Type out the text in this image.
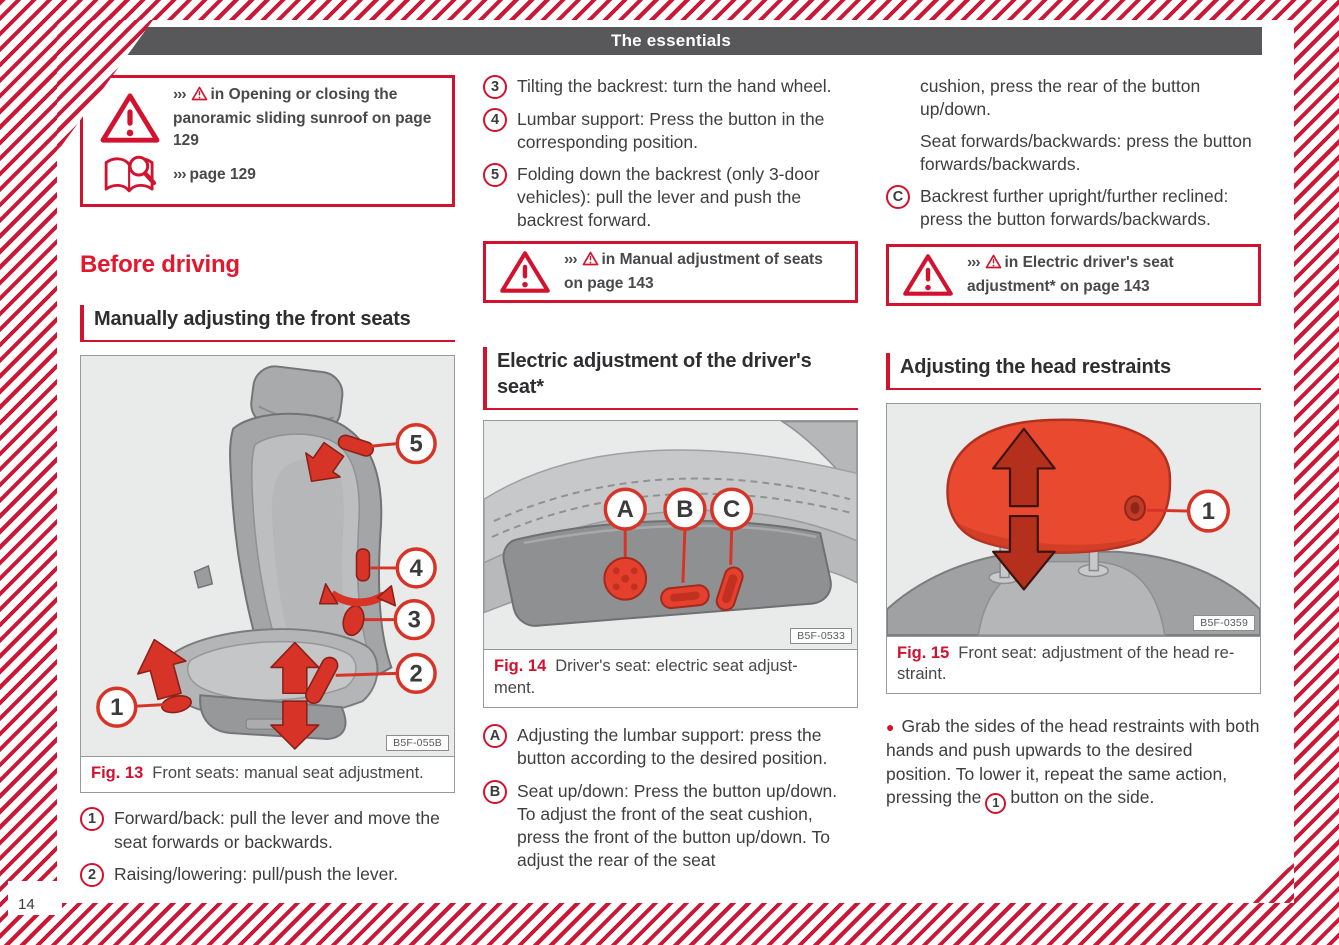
The essentials
››› in Opening or closing the panoramic sliding sunroof on page 129
››› page 129
Before driving
Manually adjusting the front seats
5
4
3
2
1
B5F-055B
Fig. 13 Front seats: manual seat adjustment.
1	Forward/back: pull the lever and move the seat forwards or backwards.
2	Raising/lowering: pull/push the lever.
3	Tilting the backrest: turn the hand wheel.
4	Lumbar support: Press the button in the corresponding position.
5	Folding down the backrest (only 3-door vehicles): pull the lever and push the backrest forward.
››› in Manual adjustment of seats on page 143
Electric adjustment of the driver's seat*
A B C
B5F-0533
Fig. 14 Driver's seat: electric seat adjust-
ment.
A Adjusting the lumbar support: press the button according to the desired position.
B Seat up/down: Press the button up/down. To adjust the front of the seat cushion, press the front of the button up/down. To adjust the rear of the seat

cushion, press the rear of the button up/down.

Seat forwards/backwards: press the button forwards/backwards.

C Backrest further upright/further reclined: press the button forwards/backwards.
››› in Electric driver's seat adjustment* on page 143
Adjusting the head restraints
1
B5F-0359
Fig. 15 Front seat: adjustment of the head re-
straint.

● Grab the sides of the head restraints with both hands and push upwards to the desired position. To lower it, repeat the same action, pressing the 1 button on the side.

14
